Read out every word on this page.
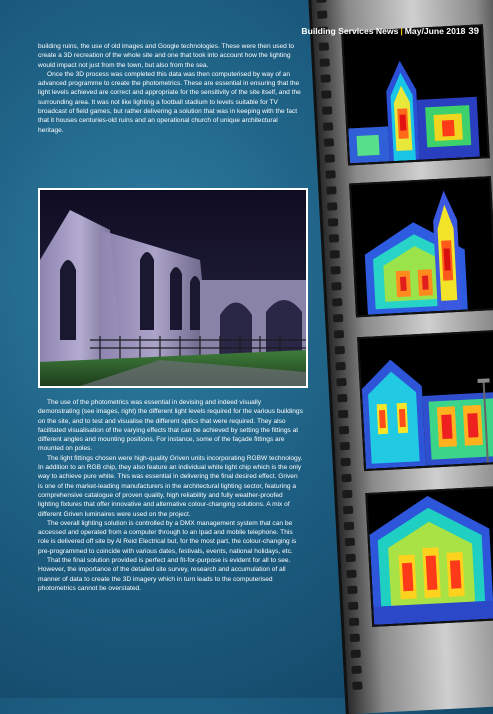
Building Services News | May/June 2018 39

building ruins, the use of old images and Google technologies. These were then used to create a 3D recreation of the whole site and one that took into account how the lighting would impact not just from the town, but also from the sea.

Once the 3D process was completed this data was then computerised by way of an advanced programme to create the photometrics. These are essential in ensuring that the light levels achieved are correct and appropriate for the sensitivity of the site itself, and the surrounding area. It was not like lighting a football stadium to levels suitable for TV broadcast of field games, but rather delivering a solution that was in keeping with the fact that it houses centuries-old ruins and an operational church of unique architectural heritage.

The use of the photometrics was essential in devising and indeed visually demonstrating (see images, right) the different light levels required for the various buildings on the site, and to test and visualise the different optics that were required. They also facilitated visualisation of the varying effects that can be achieved by setting the fittings at different angles and mounting positions. For instance, some of the façade fittings are mounted on poles.

The light fittings chosen were high-quality Griven units incorporating RGBW technology. In addition to an RGB chip, they also feature an individual white light chip which is the only way to achieve pure white. This was essential in delivering the final desired effect. Griven is one of the market-leading manufacturers in the architectural lighting sector, featuring a comprehensive catalogue of proven quality, high reliability and fully weather-proofed lighting fixtures that offer innovative and alternative colour-changing solutions. A mix of different Griven luminaires were used on the project.

The overall lighting solution is controlled by a DMX management system that can be accessed and operated from a computer through to an Ipad and mobile telephone. This role is delivered off site by Al Reid Electrical but, for the most part, the colour-changing is pre-programmed to coincide with various dates, festivals, events, national holidays, etc.

That the final solution provided is perfect and fit-for-purpose is evident for all to see. However, the importance of the detailed site survey, research and accumulation of all manner of data to create the 3D imagery which in turn leads to the computerised photometrics cannot be overstated.
